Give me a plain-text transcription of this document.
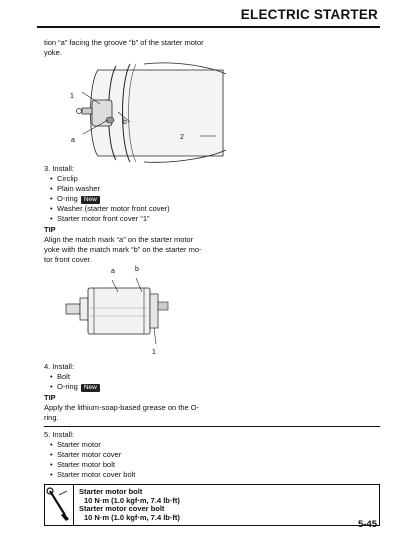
ELECTRIC STARTER

tion “a” facing the groove “b” of the starter motor

yoke.

1
b
a	2

3. Install:

• Circlip
• Plain washer
• O-ring New
• Washer (starter motor front cover)
• Starter motor front cover “1”
TIP

Align the match mark “a” on the starter motor

yoke with the match mark “b” on the starter mo-

tor front cover.

a	b
1

4. Install:

• Bolt
• O-ring New
TIP

Apply the lithium-soap-based grease on the O-

ring.

5. Install:

• Starter motor
• Starter motor cover
• Starter motor bolt
• Starter motor cover bolt
Starter motor bolt
10 N·m (1.0 kgf·m, 7.4 lb·ft)
Starter motor cover bolt
10 N·m (1.0 kgf·m, 7.4 lb·ft)
5-45
